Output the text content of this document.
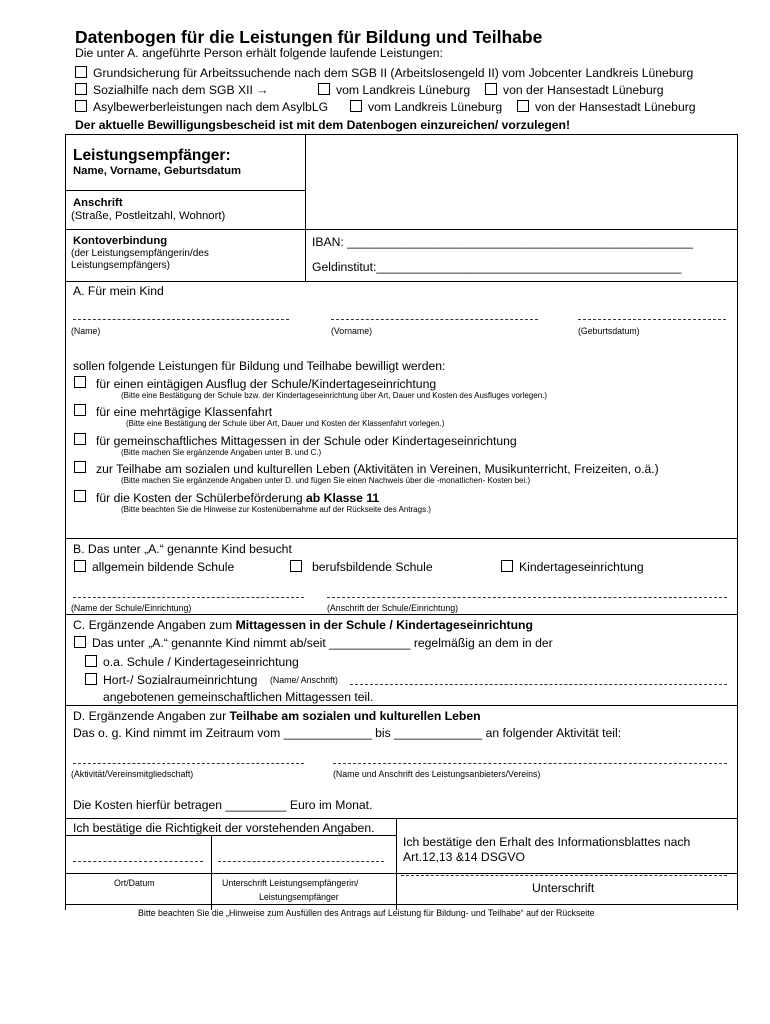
Datenbogen für die Leistungen für Bildung und Teilhabe
Die unter A. angeführte Person erhält folgende laufende Leistungen:
Grundsicherung für Arbeitssuchende nach dem SGB II (Arbeitslosengeld II) vom Jobcenter Landkreis Lüneburg
Sozialhilfe nach dem SGB XII →	vom Landkreis Lüneburg	von der Hansestadt Lüneburg
Asylbewerberleistungen nach dem AsylbLG	vom Landkreis Lüneburg	von der Hansestadt Lüneburg
Der aktuelle Bewilligungsbescheid ist mit dem Datenbogen einzureichen/ vorzulegen!
Leistungsempfänger:
Name, Vorname, Geburtsdatum
Anschrift
(Straße, Postleitzahl, Wohnort)
Kontoverbindung
(der Leistungsempfängerin/des
Leistungsempfängers)
IBAN: ___________________________________________________
Geldinstitut:_____________________________________________
A. Für mein Kind
(Name)	(Vorname)	(Geburtsdatum)
sollen folgende Leistungen für Bildung und Teilhabe bewilligt werden:
für einen eintägigen Ausflug der Schule/Kindertageseinrichtung
(Bitte eine Bestätigung der Schule bzw. der Kindertageseinrichtung über Art, Dauer und Kosten des Ausfluges vorlegen.)
für eine mehrtägige Klassenfahrt
(Bitte eine Bestätigung der Schule über Art, Dauer und Kosten der Klassenfahrt vorlegen.)
für gemeinschaftliches Mittagessen in der Schule oder Kindertageseinrichtung
(Bitte machen Sie ergänzende Angaben unter B. und C.)
zur Teilhabe am sozialen und kulturellen Leben (Aktivitäten in Vereinen, Musikunterricht, Freizeiten, o.ä.)
(Bitte machen Sie ergänzende Angaben unter D. und fügen Sie einen Nachweis über die -monatlichen- Kosten bei.)
für die Kosten der Schülerbeförderung ab Klasse 11
(Bitte beachten Sie die Hinweise zur Kostenübernahme auf der Rückseite des Antrags.)
B. Das unter „A.“ genannte Kind besucht
allgemein bildende Schule	berufsbildende Schule	Kindertageseinrichtung
(Name der Schule/Einrichtung)	(Anschrift der Schule/Einrichtung)
C. Ergänzende Angaben zum Mittagessen in der Schule / Kindertageseinrichtung
Das unter „A.“ genannte Kind nimmt ab/seit ____________ regelmäßig an dem in der
o.a. Schule / Kindertageseinrichtung
Hort-/ Sozialraumeinrichtung (Name/ Anschrift)
angebotenen gemeinschaftlichen Mittagessen teil.
D. Ergänzende Angaben zur Teilhabe am sozialen und kulturellen Leben
Das o. g. Kind nimmt im Zeitraum vom _____________ bis _____________ an folgender Aktivität teil:
(Aktivität/Vereinsmitgliedschaft)	(Name und Anschrift des Leistungsanbieters/Vereins)
Die Kosten hierfür betragen _________ Euro im Monat.
Ich bestätige die Richtigkeit der vorstehenden Angaben.
Ich bestätige den Erhalt des Informationsblattes nach
Art.12,13 &14 DSGVO
Ort/Datum	Unterschrift Leistungsempfängerin/
Leistungsempfänger
Unterschrift
Bitte beachten Sie die „Hinweise zum Ausfüllen des Antrags auf Leistung für Bildung- und Teilhabe“ auf der Rückseite
